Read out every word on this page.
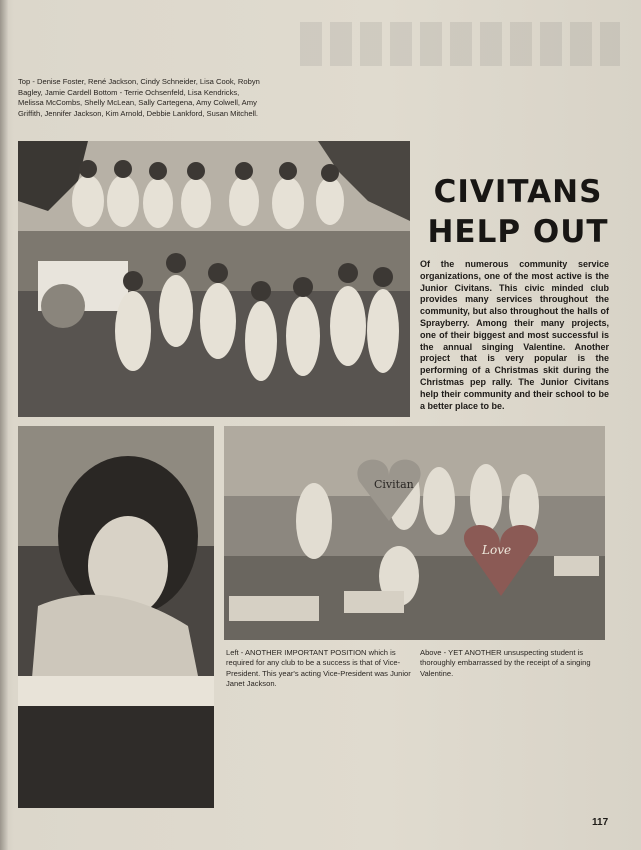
Top - Denise Foster, René Jackson, Cindy Schneider, Lisa Cook, Robyn Bagley, Jamie Cardell Bottom - Terrie Ochsenfeld, Lisa Kendricks, Melissa McCombs, Shelly McLean, Sally Cartegena, Amy Colwell, Amy Griffith, Jennifer Jackson, Kim Arnold, Debbie Lankford, Susan Mitchell.
CIVITANS
HELP OUT
Of the numerous community service organizations, one of the most active is the Junior Civitans. This civic minded club provides many services throughout the community, but also throughout the halls of Sprayberry. Among their many projects, one of their biggest and most successful is the annual singing Valentine. Another project that is very popular is the performing of a Christmas skit during the Christmas pep rally. The Junior Civitans help their community and their school to be a better place to be.
Civitan
Love
Left - ANOTHER IMPORTANT POSITION which is required for any club to be a success is that of Vice-President. This year's acting Vice-President was Junior Janet Jackson.
Above - YET ANOTHER unsuspecting student is thoroughly embarrassed by the receipt of a singing Valentine.
117
